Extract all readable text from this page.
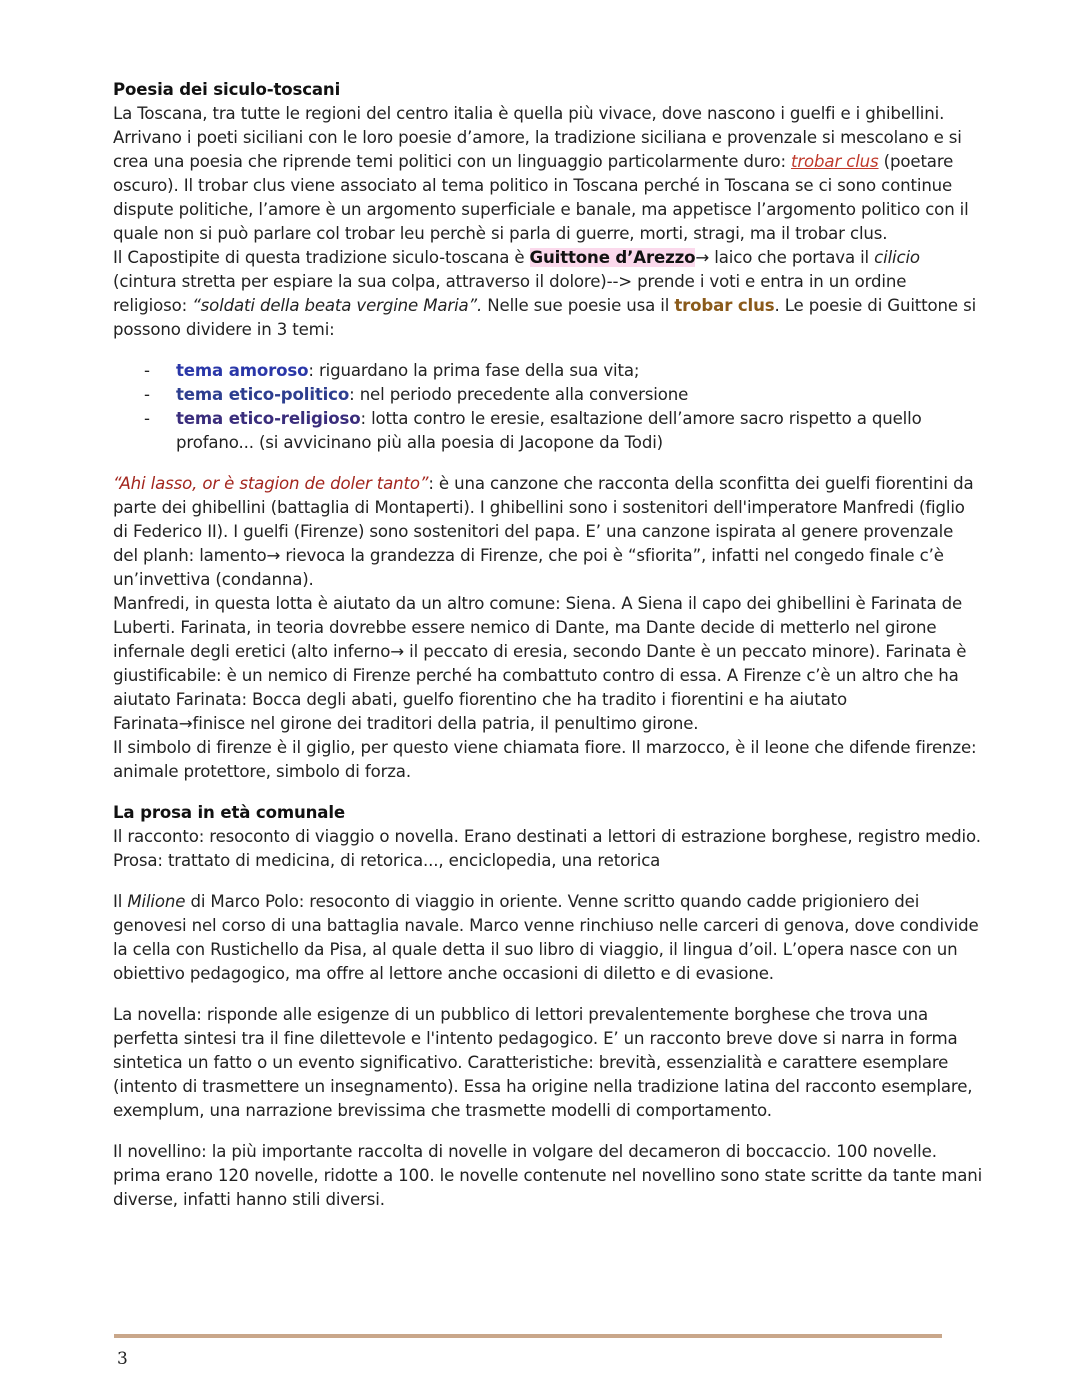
Poesia dei siculo-toscani

La Toscana, tra tutte le regioni del centro italia è quella più vivace, dove nascono i guelfi e i ghibellini. Arrivano i poeti siciliani con le loro poesie d’amore, la tradizione siciliana e provenzale si mescolano e si crea una poesia che riprende temi politici con un linguaggio particolarmente duro: trobar clus (poetare oscuro). Il trobar clus viene associato al tema politico in Toscana perché in Toscana se ci sono continue dispute politiche, l’amore è un argomento superficiale e banale, ma appetisce l’argomento politico con il quale non si può parlare col trobar leu perchè si parla di guerre, morti, stragi, ma il trobar clus.

Il Capostipite di questa tradizione siculo-toscana è Guittone d’Arezzo→ laico che portava il cilicio (cintura stretta per espiare la sua colpa, attraverso il dolore)--> prende i voti e entra in un ordine religioso: “soldati della beata vergine Maria”. Nelle sue poesie usa il trobar clus. Le poesie di Guittone si possono dividere in 3 temi:

- tema amoroso: riguardano la prima fase della sua vita;
- tema etico-politico: nel periodo precedente alla conversione
- tema etico-religioso: lotta contro le eresie, esaltazione dell’amore sacro rispetto a quello profano... (si avvicinano più alla poesia di Jacopone da Todi)

“Ahi lasso, or è stagion de doler tanto”: è una canzone che racconta della sconfitta dei guelfi fiorentini da parte dei ghibellini (battaglia di Montaperti). I ghibellini sono i sostenitori dell'imperatore Manfredi (figlio di Federico II). I guelfi (Firenze) sono sostenitori del papa. E’ una canzone ispirata al genere provenzale del planh: lamento→ rievoca la grandezza di Firenze, che poi è “sfiorita”, infatti nel congedo finale c’è un’invettiva (condanna).

Manfredi, in questa lotta è aiutato da un altro comune: Siena. A Siena il capo dei ghibellini è Farinata de Luberti. Farinata, in teoria dovrebbe essere nemico di Dante, ma Dante decide di metterlo nel girone infernale degli eretici (alto inferno→ il peccato di eresia, secondo Dante è un peccato minore). Farinata è giustificabile: è un nemico di Firenze perché ha combattuto contro di essa. A Firenze c’è un altro che ha aiutato Farinata: Bocca degli abati, guelfo fiorentino che ha tradito i fiorentini e ha aiutato Farinata→finisce nel girone dei traditori della patria, il penultimo girone.

Il simbolo di firenze è il giglio, per questo viene chiamata fiore. Il marzocco, è il leone che difende firenze: animale protettore, simbolo di forza.

La prosa in età comunale

Il racconto: resoconto di viaggio o novella. Erano destinati a lettori di estrazione borghese, registro medio. Prosa: trattato di medicina, di retorica..., enciclopedia, una retorica

Il Milione di Marco Polo: resoconto di viaggio in oriente. Venne scritto quando cadde prigioniero dei genovesi nel corso di una battaglia navale. Marco venne rinchiuso nelle carceri di genova, dove condivide la cella con Rustichello da Pisa, al quale detta il suo libro di viaggio, il lingua d’oil. L’opera nasce con un obiettivo pedagogico, ma offre al lettore anche occasioni di diletto e di evasione.

La novella: risponde alle esigenze di un pubblico di lettori prevalentemente borghese che trova una perfetta sintesi tra il fine dilettevole e l'intento pedagogico. E’ un racconto breve dove si narra in forma sintetica un fatto o un evento significativo. Caratteristiche: brevità, essenzialità e carattere esemplare (intento di trasmettere un insegnamento). Essa ha origine nella tradizione latina del racconto esemplare, exemplum, una narrazione brevissima che trasmette modelli di comportamento.

Il novellino: la più importante raccolta di novelle in volgare del decameron di boccaccio. 100 novelle. prima erano 120 novelle, ridotte a 100. le novelle contenute nel novellino sono state scritte da tante mani diverse, infatti hanno stili diversi.

3
